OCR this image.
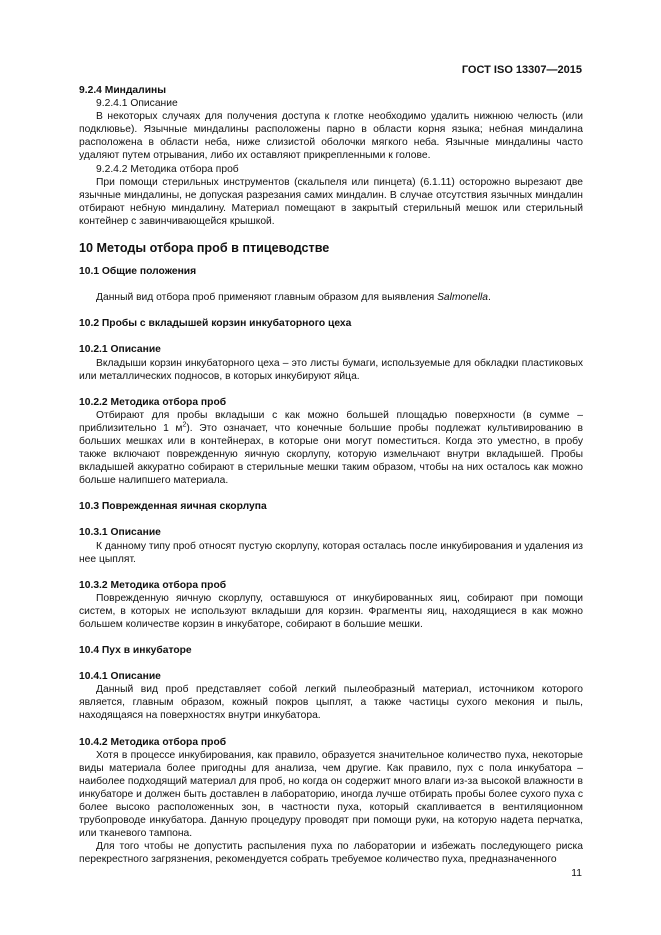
ГОСТ ISO 13307—2015

9.2.4 Миндалины

9.2.4.1 Описание

В некоторых случаях для получения доступа к глотке необходимо удалить нижнюю челюсть (или подклювье). Язычные миндалины расположены парно в области корня языка; небная миндалина расположена в области неба, ниже слизистой оболочки мягкого неба. Язычные миндалины часто удаляют путем отрывания, либо их оставляют прикрепленными к голове.

9.2.4.2 Методика отбора проб

При помощи стерильных инструментов (скальпеля или пинцета) (6.1.11) осторожно вырезают две язычные миндалины, не допуская разрезания самих миндалин. В случае отсутствия язычных миндалин отбирают небную миндалину. Материал помещают в закрытый стерильный мешок или стерильный контейнер с завинчивающейся крышкой.

10 Методы отбора проб в птицеводстве

10.1 Общие положения

Данный вид отбора проб применяют главным образом для выявления Salmonella.

10.2 Пробы с вкладышей корзин инкубаторного цеха

10.2.1 Описание

Вкладыши корзин инкубаторного цеха – это листы бумаги, используемые для обкладки пластиковых или металлических подносов, в которых инкубируют яйца.

10.2.2 Методика отбора проб

Отбирают для пробы вкладыши с как можно большей площадью поверхности (в сумме – приблизительно 1 $м^2$). Это означает, что конечные большие пробы подлежат культивированию в больших мешках или в контейнерах, в которые они могут поместиться. Когда это уместно, в пробу также включают поврежденную яичную скорлупу, которую измельчают внутри вкладышей. Пробы вкладышей аккуратно собирают в стерильные мешки таким образом, чтобы на них осталось как можно больше налипшего материала.

10.3 Поврежденная яичная скорлупа

10.3.1 Описание

К данному типу проб относят пустую скорлупу, которая осталась после инкубирования и удаления из нее цыплят.

10.3.2 Методика отбора проб

Поврежденную яичную скорлупу, оставшуюся от инкубированных яиц, собирают при помощи систем, в которых не используют вкладыши для корзин. Фрагменты яиц, находящиеся в как можно большем количестве корзин в инкубаторе, собирают в большие мешки.

10.4 Пух в инкубаторе

10.4.1 Описание

Данный вид проб представляет собой легкий пылеобразный материал, источником которого является, главным образом, кожный покров цыплят, а также частицы сухого мекония и пыль, находящаяся на поверхностях внутри инкубатора.

10.4.2 Методика отбора проб

Хотя в процессе инкубирования, как правило, образуется значительное количество пуха, некоторые виды материала более пригодны для анализа, чем другие. Как правило, пух с пола инкубатора – наиболее подходящий материал для проб, но когда он содержит много влаги из-за высокой влажности в инкубаторе и должен быть доставлен в лабораторию, иногда лучше отбирать пробы более сухого пуха с более высоко расположенных зон, в частности пуха, который скапливается в вентиляционном трубопроводе инкубатора. Данную процедуру проводят при помощи руки, на которую надета перчатка, или тканевого тампона.

Для того чтобы не допустить распыления пуха по лаборатории и избежать последующего риска перекрестного загрязнения, рекомендуется собрать требуемое количество пуха, предназначенного

11
